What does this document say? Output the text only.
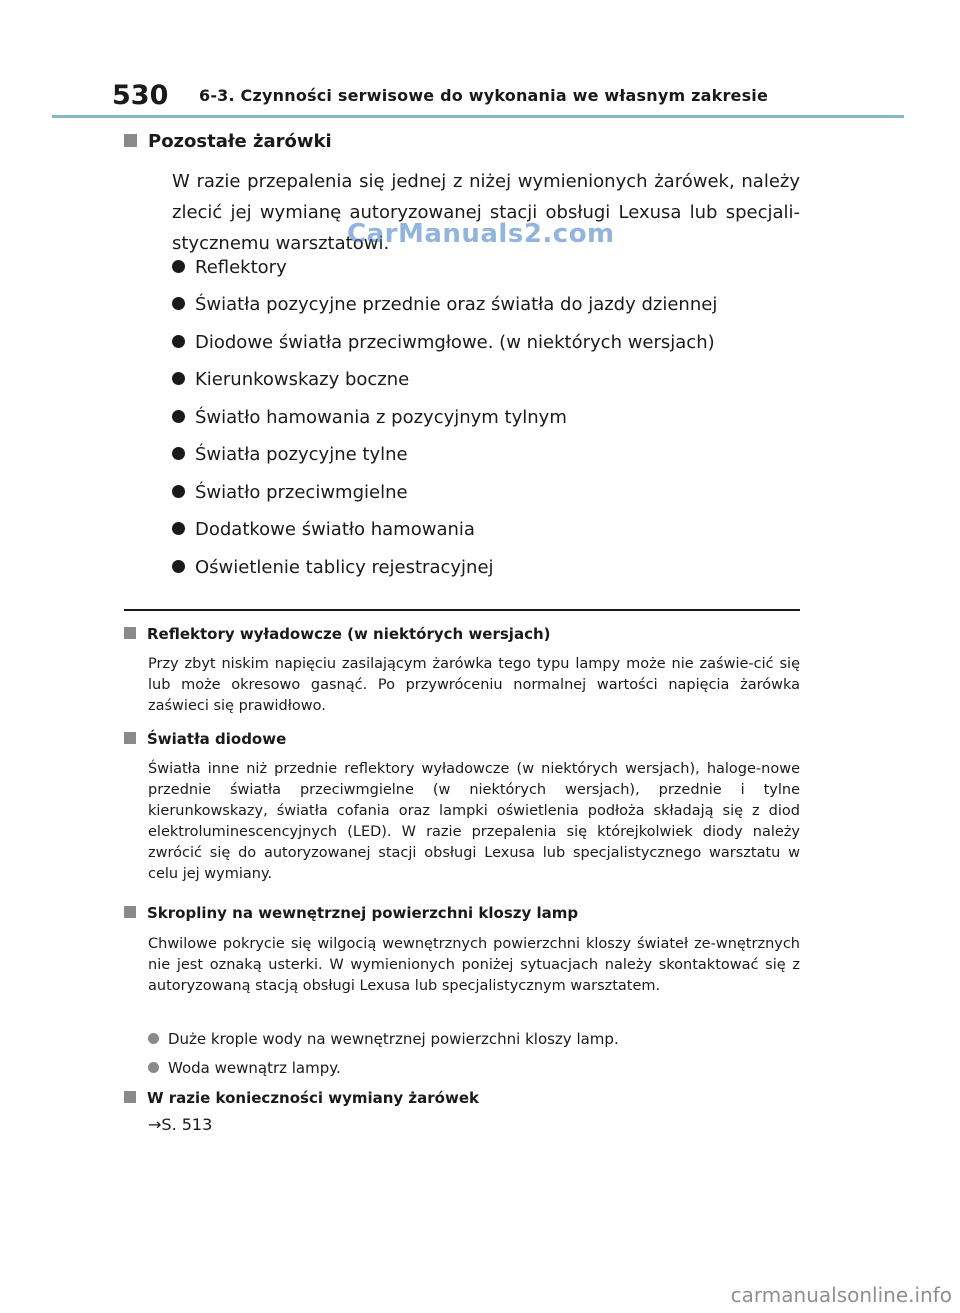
530 6-3. Czynności serwisowe do wykonania we własnym zakresie
Pozostałe żarówki
W razie przepalenia się jednej z niżej wymienionych żarówek, należy zlecić jej wymianę autoryzowanej stacji obsługi Lexusa lub specjali-stycznemu warsztatowi.
Reflektory
Światła pozycyjne przednie oraz światła do jazdy dziennej
Diodowe światła przeciwmgłowe. (w niektórych wersjach)
Kierunkowskazy boczne
Światło hamowania z pozycyjnym tylnym
Światła pozycyjne tylne
Światło przeciwmgielne
Dodatkowe światło hamowania
Oświetlenie tablicy rejestracyjnej
Reflektory wyładowcze (w niektórych wersjach)
Przy zbyt niskim napięciu zasilającym żarówka tego typu lampy może nie zaświe-cić się lub może okresowo gasnąć. Po przywróceniu normalnej wartości napięcia żarówka zaświeci się prawidłowo.
Światła diodowe
Światła inne niż przednie reflektory wyładowcze (w niektórych wersjach), haloge-nowe przednie światła przeciwmgielne (w niektórych wersjach), przednie i tylne kierunkowskazy, światła cofania oraz lampki oświetlenia podłoża składają się z diod elektroluminescencyjnych (LED). W razie przepalenia się którejkolwiek diody należy zwrócić się do autoryzowanej stacji obsługi Lexusa lub specjalistycznego warsztatu w celu jej wymiany.
Skropliny na wewnętrznej powierzchni kloszy lamp
Chwilowe pokrycie się wilgocią wewnętrznych powierzchni kloszy świateł ze-wnętrznych nie jest oznaką usterki. W wymienionych poniżej sytuacjach należy skontaktować się z autoryzowaną stacją obsługi Lexusa lub specjalistycznym warsztatem.
Duże krople wody na wewnętrznej powierzchni kloszy lamp.
Woda wewnątrz lampy.
W razie konieczności wymiany żarówek
→S. 513
CarManuals2.com
carmanualsonline.info
